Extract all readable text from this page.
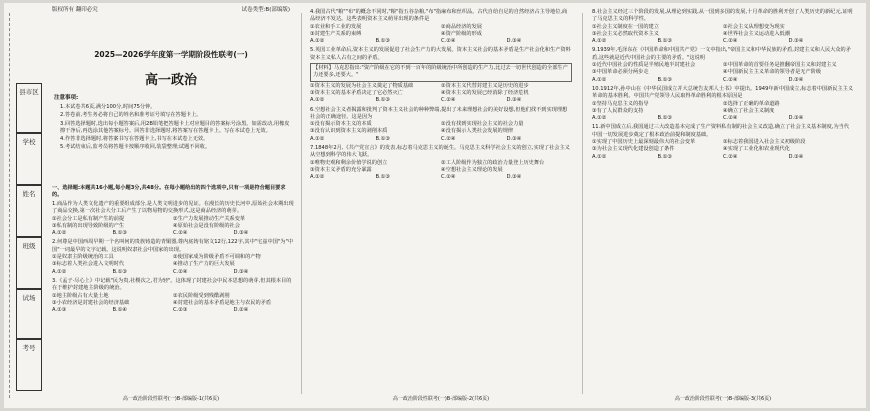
县市区
学校
姓名
班级
试场
考号
版权所有 翻印必究	试卷类型:B(部编版)
2025—2026学年度第一学期阶段性联考(一)
高一政治
注意事项:

1.本试卷共6页,满分100分,时间75分钟。

2.答卷前,考生务必将自己的姓名和准考证号填写在答题卡上。

3.回答选择题时,选出每小题答案后,用2B铅笔把答题卡上对应题目的答案标号涂黑。如需改动,用橡皮擦干净后,再选涂其他答案标号。回答非选择题时,将答案写在答题卡上。写在本试卷上无效。

4.作答非选择题时,将答案书写在答题卡上,书写在本试卷上无效。

5.考试结束后,监考员将答题卡按顺序收回,装袋整理;试题不回收。

一、选择题:本题共16小题,每小题3分,共48分。在每小题给出的四个选项中,只有一项是符合题目要求的。

1.商品作为人类文化遗产的重要组成部分,是人类文明进步的见证。在漫长的历史长河中,原始社会末期出现了商品交换,第一次社会大分工后产生了以物易物的交换形式,这是商品经济的萌芽。

①社会分工是私有制产生的前提	②生产力发展推动生产关系变革
③私有制的出现导致阶级的产生	④原始社会是没有阶级的社会
A.①②	B.①③	C.②④	D.③④

2.何尊是中国西周早期一个名叫何的贵族铸造的青铜器,尊内底铸有铭文12行,122字,其中"宅兹中国"为"中国"一词最早的文字记载。这说明奴隶社会中国家的出现。

①是奴隶主阶级统治的工具	②使国家成为阶级矛盾不可调和的产物
③标志着人类社会进入文明时代	④推动了生产力的巨大发展
A.①②	B.①③	C.②④	D.③④

3.《孟子·尽心上》中记载"民为贵,社稷次之,君为轻"。这体现了封建社会中民本思想的萌芽,但其根本目的在于维护封建地主阶级的统治。

①地主阶级占有大量土地	②农民阶级受到残酷剥削
③小农经济是封建社会的经济基础	④封建社会的基本矛盾是地主与农民的矛盾
A.①③	B.①④	C.②③	D.②④
高一政治阶段性联考(一)B-部编版-1(共6页)

4.我国古代"粮""布"的概念不同时,"粮"指五谷杂粮,"布"指麻布和丝织品。古代自给自足的自然经济占主导地位,商品经济不发达。这些表明资本主义萌芽出现的条件是

①农业和手工业的发展	②商品经济的发展
③封建生产关系的束缚	④资产阶级的形成
A.①②	B.①③	C.②④	D.③④

5.英国工业革命后,资本主义的发展促进了社会生产力的大发展。资本主义社会的基本矛盾是生产社会化和生产资料资本主义私人占有之间的矛盾。

【材料】马克思指出:"资产阶级在它的不到一百年的阶级统治中所创造的生产力,比过去一切世代创造的全部生产力还要多,还要大。"
①资本主义的发展为社会主义奠定了物质基础	②资本主义代替封建主义是历史的进步
③资本主义的基本矛盾决定了它必然灭亡	④资本主义的发展已经消除了经济危机
A.①②	B.①③	C.②④	D.③④

6.空想社会主义者揭露和批判了资本主义社会的种种弊端,提出了未来理想社会的美好设想,但他们找不到实现理想社会的正确途径。这是因为

①没有揭示资本主义的本质	②没有找到实现社会主义的社会力量
③没有认识到资本主义的剥削本质	④没有揭示人类社会发展的规律
A.①②	B.①③	C.②④	D.③④

7.1848年2月,《共产党宣言》的发表,标志着马克思主义的诞生。马克思主义科学社会主义的创立,实现了社会主义从空想到科学的伟大飞跃。

①唯物史观和剩余价值学说的创立	②工人阶级作为独立的政治力量登上历史舞台
③资本主义矛盾的充分暴露	④空想社会主义理论的发展
A.①②	B.①③	C.②④	D.③④
高一政治阶段性联考(一)B-部编版-2(共6页)

8.社会主义经过三个阶段的发展,从理论到实践,从一国到多国的发展,十月革命的胜利开创了人类历史的新纪元,证明了马克思主义的科学性。

①社会主义制度在一国的建立	②社会主义从理想变为现实
③社会主义必然取代资本主义	④世界社会主义运动进入低潮
A.①②	B.①③	C.②④	D.③④

9.1939年,毛泽东在《中国革命和中国共产党》一文中指出,"帝国主义和中华民族的矛盾,封建主义和人民大众的矛盾,这些就是近代中国社会的主要的矛盾。"这说明

①近代中国社会的性质是半殖民地半封建社会	②中国革命的首要任务是推翻帝国主义和封建主义
③中国革命必须分两步走	④中国新民主主义革命的领导者是无产阶级
A.①②	B.①③	C.②④	D.③④

10.1912年,孙中山在《中华民国成立并大总统告友邦人士书》中提出。1949年新中国成立,标志着中国新民主主义革命的基本胜利。中国共产党领导人民取得革命胜利的根本原因是

①坚持马克思主义的指导	②选择了正确的革命道路
③有了人民群众的支持	④确立了社会主义制度
A.①②	B.①③	C.②④	D.③④

11.新中国成立后,我国通过三大改造基本完成了生产资料私有制的社会主义改造,确立了社会主义基本制度,为当代中国一切发展进步奠定了根本政治前提和制度基础。

①实现了中国历史上最深刻最伟大的社会变革	②标志着我国进入社会主义初级阶段
③为社会主义现代化建设创造了条件	④实现了工业化和农业现代化
A.①②	B.①③	C.②④	D.③④
高一政治阶段性联考(一)B-部编版-3(共6页)
